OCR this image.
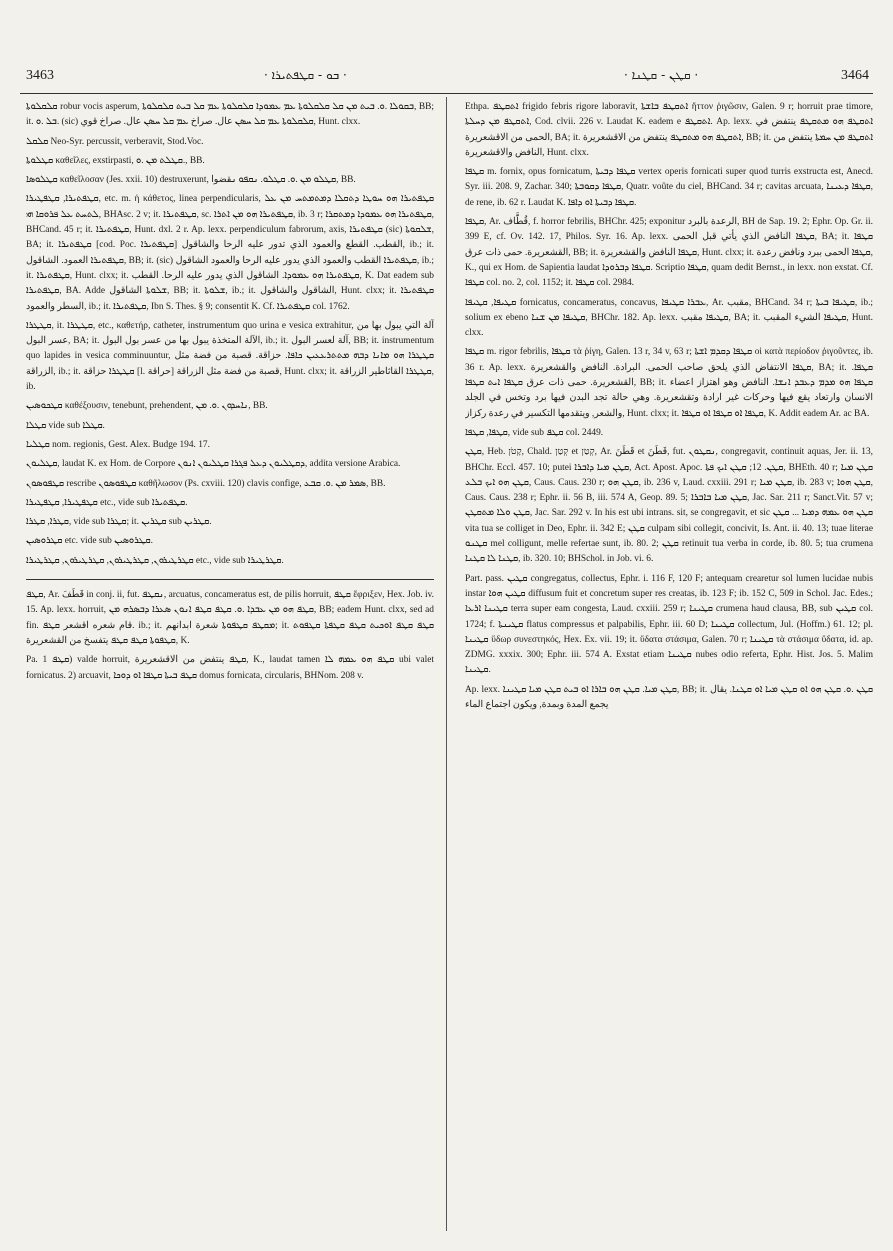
3463	· ܒܘ - ܩܛܦܬܝܪܐ ·	· ܩܛܢ - ܩܛܢܐ ·	3464

ܩܠܩܠܘܬܐ robur vocis asperum, ܒܩܘܠܐ .ܘ. ܒܝܬ ܡܢ ܩܠ ܩܠܩܠܘܬܐ ܥܡ ܥܡܘܕܐ ܩܠܩܠܘܬܐ ܥܡ ܩܠ ܒܝܬ ܩܠܩܠܘܬܐ, BB; it. ܒܠ .ܘ. (sic) ܩܠܩܠܘܬܐ ܥܡ ܩܠ ܚܣܢ عال. صراخ ܥܡ ܩܠ ܚܣܢ عال. صراخ قوي, Hunt. clxx.

ܩܠܩܠ Neo-Syr. percussit, verberavit, Stod.Voc.

ܩܛܠܘܬܐ καθεῖλες, exstirpasti, ܩܛܠܬ ܡܢ .ܘ., BB.

ܩܛܠܘܣܐ καθεῖλοσαν (Jes. xxii. 10) destruxerunt, ܩܛܠܘ ܡܢ .ܘ. ܩܛܠܘ. ܢܩܦܘ ܢقضوا, BB.

ܩܛܦܬܝܪܐ, ܩܛܦܛܝܪܐ, etc. m. ἡ κάθετος, linea perpendicularis, ܩܛܦܬܝܪܐ ܗܘ ܚܘܛܐ ܕܬܩܠܐ ܕܡܬܡܬܚ ܡܢ ܥܠ ܠܬܚܬ ܥܠ ܦܪܘܩܐ ܗܝ, BHAsc. 2 v; it. ܩܛܦܬܝܪܐ, sc. ܩܛܦܬܝܪܐ ܗܘ ܡܢ ܐܬܪܐ, ib. 3 r; ܩܛܦܬܝܪܐ ܗܘ ܥܡܘܕܐ ܕܡܬܩܪܐ, BHCand. 45 r; it. ܩܛܦܬܝܪܐ, Hunt. dxl. 2 r. Ap. lexx. perpendiculum fabrorum, axis, ܩܛܦܬܝܪܐ (sic) ܫܠܩܘܬܐ, BA; it. ܩܛܦܬܝܪܐ [cod. Poc. ܩܛܦܬܝܪܐ] القطب. القطع والعمود الذي تدور عليه الرحا والشاقول, ib.; it. ܩܛܦܬܝܪܐ العمود. الشاقول, BB; it. (sic) ܩܛܦܬܝܪܐ القطب والعمود الذي يدور عليه الرحا والعمود الشاقول, ib.; it. ܩܛܦܬܝܪܐ, Hunt. clxx; it. ܩܛܦܬܝܪܐ ܗܘ ܥܡܘܕܐ. الشاقول الذي يدور عليه الرحا. القطب, K. Dat eadem sub ܩܛܦܬܝܪܐ, BA. Adde ܫܠܘܬܐ الشاقول, BB; it. ܫܠܘܬܐ, ib.; it. الشاقول والشاقول, Hunt. clxx; it. ܩܛܦܬܝܪܐ السطر والعمود, ib.; it. ܩܛܦܬܝܪܐ, Ibn S. Thes. § 9; consentit K. Cf. ܩܛܦܬܝܪܐ col. 1762.

ܩܛܛܪܐ, it. ܩܛܛܪܐ, etc., καθετήρ, catheter, instrumentum quo urina e vesica extrahitur, آلة التي يبول بها من عسر البول, BA; it. الآلة المتخذة يبول بها من عسر بول البول, ib.; it. آلة لعسر البول, BB; it. instrumentum quo lapides in vesica comminuuntur, ܩܛܛܪܐ ܗܘ ܡܐܢܐ ܕܒܗ ܡܬܬܪܥܥܝܢ ܟܐܦܐ. حزاقة. قصبة من فضة مثل الزراقة, ib.; it. ܩܛܛܪܐ حزاقة [l. حراقة] قصبة من فضة مثل الزراقة, Hunt. clxx; it. ܩܛܛܪܐ القاثاطير الزراقة, ib.

ܩܛܟܘܣܝܢ καθέξουσιν, tenebunt, prehendent, ܢܐܚܕܘܢ .ܘ. ܡܢ, BB.

ܩܛܠܐ vide sub ܩܛܠܐ.

ܩܛܠܝܐ nom. regionis, Gest. Alex. Budge 194. 17.

ܩܛܠܝܘܢ, laudat K. ex Hom. de Corpore ܕܩܛܠܝܘܢ ܕܥܠ ܦܓܪܐ ܩܛܠܝܘܢ ܐܢܘܢ, addita versione Arabica.

ܩܛܦܘܣܘܢ rescribe ܩܛܦܘܣܘܢ καθῆλωσον (Ps. cxviii. 120) clavis confige, ܣܡܪ ܡܢ .ܘ. ܩܒܥ, BB.

ܩܛܦܛܝܪܐ, ܩܛܦܛܝܪܐ etc., vide sub ܩܛܦܬܝܪܐ.

ܩܛܪܐ, ܩܛܪܐ, vide sub ܩܛܪܐ; it. ܩܛܪܝܢ sub ܩܛܪܝܢ.

ܩܛܪܘܣܝܢ etc. vide sub ܩܛܪܘܣܝܢ.

ܩܛܪܛܝܪܘܢ, ܩܛܪܛܝܪܘܢ, ܩܛܪܛܝܪܘܢ, ܩܛܪܛܝܪܐ etc., vide sub ܩܛܪܛܝܪܐ.

ܩܛܦ, Ar. قَطَفَ in conj. ii, fut. ܢܩܛܦ, arcuatus, concameratus est, de pilis horruit, ܩܛܦ ἔφριξεν, Hex. Job. iv. 15. Ap. lexx. horruit, ܩܛܦ ܗܘ ܡܢ ܥܒܕܐ .ܘ. ܩܛܦ ܩܛܦ ܐܢܘܢ ܣܥܪܐ ܕܒܣܪܗ ܡܢ, BB; eadem Hunt. clxx, sed ad fin. قام شعره اقشعر ܩܛܦ. ib.; it. ܡܩܛܦ ܩܛܦܘܬܐ شعرة ابدانهم; it. ܩܛܦ ܩܛܦ ܐܘܟܝܬ ܩܛܦ ܩܛܦܬܐ ܩܛܦܘܬ ܩܛܦܘܬܐ ܩܛܦ ܩܛܦ يتفسخ من القشعريرة, K.

Pa. ܩܛܦ 1) valde horruit, ܩܛܦ ينتفض من الاقشعريرة, K., laudat tamen ܩܛܦ ܗܘ ܥܡܗ ܠܐ ubi valet fornicatus. 2) arcuavit, ܩܛܦ ܒܝܬܐ ܩܛܦܐ ܐܘ ܕܘܟܐ domus fornicata, circularis, BHNom. 208 v.

Ethpa. ܐܬܩܛܦ frigido febris rigore laboravit, ܐܬܩܛܦ ܒܐܫܬܐ ἤττον ῥιγῶσιν, Galen. 9 r; horruit prae timore, ܐܬܩܛܦ ܡܢ ܕܚܠܬܐ, Cod. clvii. 226 v. Laudat K. eadem e ܐܬܩܛܦ. Ap. lexx. ܐܬܩܛܦ ܗܘ ܡܬܩܛܦ ينتفض في الحمى من الاقشعريرة, BA; it. ܐܬܩܛܦ ܗܘ ܡܬܩܛܦ ينتفض من الاقشعريرة, BB; it. ܐܬܩܛܦ ܡܢ ܚܡܬܐ ينتفض من النافض والاقشعريرة, Hunt. clxx.

ܩܛܦܐ m. fornix, opus fornicatum, ܩܛܦܐ ܕܒܝܬܐ vertex operis fornicati super quod turris exstructa est, Anecd. Syr. iii. 208. 9, Zachar. 340; ܩܛܦܐ ܕܩܘܒܬܐ, Quatr. voûte du ciel, BHCand. 34 r; cavitas arcuata, ܩܛܦܐ ܕܥܝܢܐ, de rene, ib. 62 r. Laudat K. ܩܛܦܐ ܕܒܝܬܐ ܐܘ ܕܐܦܐ.

ܩܛܦܐ, Ar. قُطَّاف, f. horror febrilis, BHChr. 425; exponitur الرعدة بالبرد, BH de Sap. 19. 2; Ephr. Op. Gr. ii. 399 E, cf. Ov. 142. 17, Philos. Syr. 16. Ap. lexx. ܩܛܦܐ النافض الذي يأتي قبل الحمى, BA; it. ܩܛܦܐ القشعريرة. حمى ذات عرق, BB; it. ܩܛܦܐ النافض والقشعريرة, Hunt. clxx; it. ܩܛܦܐ الحمى ببرد ونافض رعدة, K., qui ex Hom. de Sapientia laudat ܩܛܦܐ ܕܒܪܘܕܐ. Scriptio ܩܛܦܐ, quam dedit Bernst., in lexx. non exstat. Cf. ܩܛܦܐ col. no. 2, col. 1152; it. ܩܛܦܐ col. 2984.

ܩܛܝܦܐ, ܩܛܝܦܐ fornicatus, concameratus, concavus, ܥܒܪܐ ܩܛܝܦܐ, Ar. مقبب, BHCand. 34 r; ܩܛܝܦܐ ܒܝܬܐ, ib.; solium ex ebeno ܩܛܝܦܐ ܡܢ ܫܢܐ, BHChr. 182. Ap. lexx. ܩܛܝܦܐ مقبب, BA; it. ܩܛܝܦܐ الشيء المقبب, Hunt. clxx.

ܩܛܦܐ m. rigor febrilis, ܩܛܦܐ τὰ ῥίγη, Galen. 13 r, 34 v, 63 r; ܩܛܦܐ ܕܩܕܡ ܐܫܬܐ οἱ κατὰ περίοδον ῥιγοῦντες, ib. 36 r. Ap. lexx. ܩܛܦܐ الانتفاض الذي يلحق صاحب الحمى. البرادة. النافض والقشعريرة, BA; it. ܩܛܦܐ. القشعريرة. حمى ذات عرق ܩܛܦܐ ܐܝܬ ܩܛܦܐ, BB; it. ܩܛܦܐ ܗܘ ܡܕܡ ܕܥܒܕ ܐܢܫܐ. النافض وهو اهتزاز اعضاء الانسان وارتعاد يقع فيها وحركات غير ارادة وتقشعريرة. وهي حالة تجد البدن فيها برد وتخس في الجلد والشعر, ويتقدمها التكسير في رعدة ركزاز, Hunt. clxx; it. ܩܛܦܐ ܐܘ ܩܛܦܐ ܐܘ ܩܛܦܐ, K. Addit eadem Ar. ac BA.

ܩܛܦܐ, ܩܛܦܐ, vide sub ܩܛܦ col. 2449.

ܩܛܢ, Heb. קָטֹן, Chald. קְטַן et קְטַן, Ar. قَطَنَ et قَطَنَ, fut. ܢܩܛܘܢ, congregavit, continuit aquas, Jer. ii. 13, BHChr. Eccl. 457. 10; putei ܩܛܢ ܡܝܐ ܕܐܒܪܐ, Act. Apost. Apoc. ܩܛܢ. 12; ܩܛܢ ܐܝܟ ܦܬܐ, BHEth. 40 r; ܩܛܢ ܡܝܐ ܩܛܢ ܗܘ ܐܝܟ ܒܠܥ, Caus. Caus. 230 r; ܩܛܢ ܗܘ, ib. 236 v, Laud. cxxiii. 291 r; ܩܛܢ ܡܝܐ, ib. 283 v; ܩܛܢ ܗܘܐ, Caus. Caus. 238 r; Ephr. ii. 56 B, iii. 574 A, Geop. 89. 5; ܩܛܢ ܡܝܐ ܒܐܒܪܐ, Jac. Sar. 211 r; Sanct.Vit. 57 v; ܩܛܢ ܘܠܐ ܡܬܩܛܢ, Jac. Sar. 292 v. In his est ubi intrans. sit, se congregavit, et sic ܩܛܢ ܗܘ ܥܡܗ ܕܡܝܐ ... ܩܛܢ vita tua se colliget in Deo, Ephr. ii. 342 E; ܩܛܢ culpam sibi collegit, concivit, Is. Ant. ii. 40. 13; tuae literae ܩܛܢܘ mel colligunt, melle refertae sunt, ib. 80. 2; ܩܛܢ retinuit tua verba in corde, ib. 80. 5; tua crumena ܩܛܢܐ ܠܐ ܩܛܢܐ, ib. 320. 10; BHSchol. in Job. vi. 6.

Part. pass. ܩܛܝܢ congregatus, collectus, Ephr. i. 116 F, 120 F; antequam crearetur sol lumen lucidae nubis instar ܩܛܝܢ ܗܘܐ diffusum fuit et concretum super res creatas, ib. 123 F; ib. 152 C, 509 in Schol. Jac. Edes.; ܩܛܝܢܐ ܐܪܥܐ terra super eam congesta, Laud. cxxiii. 259 r; ܩܛܝܢܐ crumena haud clausa, BB, sub ܩܛܝܢ col. 1724; f. ܩܛܝܢܬܐ flatus compressus et palpabilis, Ephr. iii. 60 D; ܩܛܝܢܐ collectum, Jul. (Hoffm.) 61. 12; pl. ܩܛܝܢܐ ὕδωρ συνεστηκός, Hex. Ex. vii. 19; it. ὕδατα στάσιμα, Galen. 70 r; ܩܛܝܢܐ τὰ στάσιμα ὕδατα, id. ap. ZDMG. xxxix. 300; Ephr. iii. 574 A. Exstat etiam ܩܛܝܢܐ nubes odio referta, Ephr. Hist. Jos. 5. Malim ܩܛܝܢܐ.

Ap. lexx. ܩܛܢ ܡܝܐ. ܩܛܢ ܗܘ ܒܐܪܐ ܐܘ ܒܝܬ ܩܛܢ ܡܝܐ ܩܛܝܢܐ, BB; it. ܩܛܢ .ܘ. ܩܛܢ ܗܘ ܐܘ ܩܛܢ ܡܝܐ ܐܘ ܩܛܢܐ. يقال يجمع المدة وبمدة, ويكون اجتماع الماء
